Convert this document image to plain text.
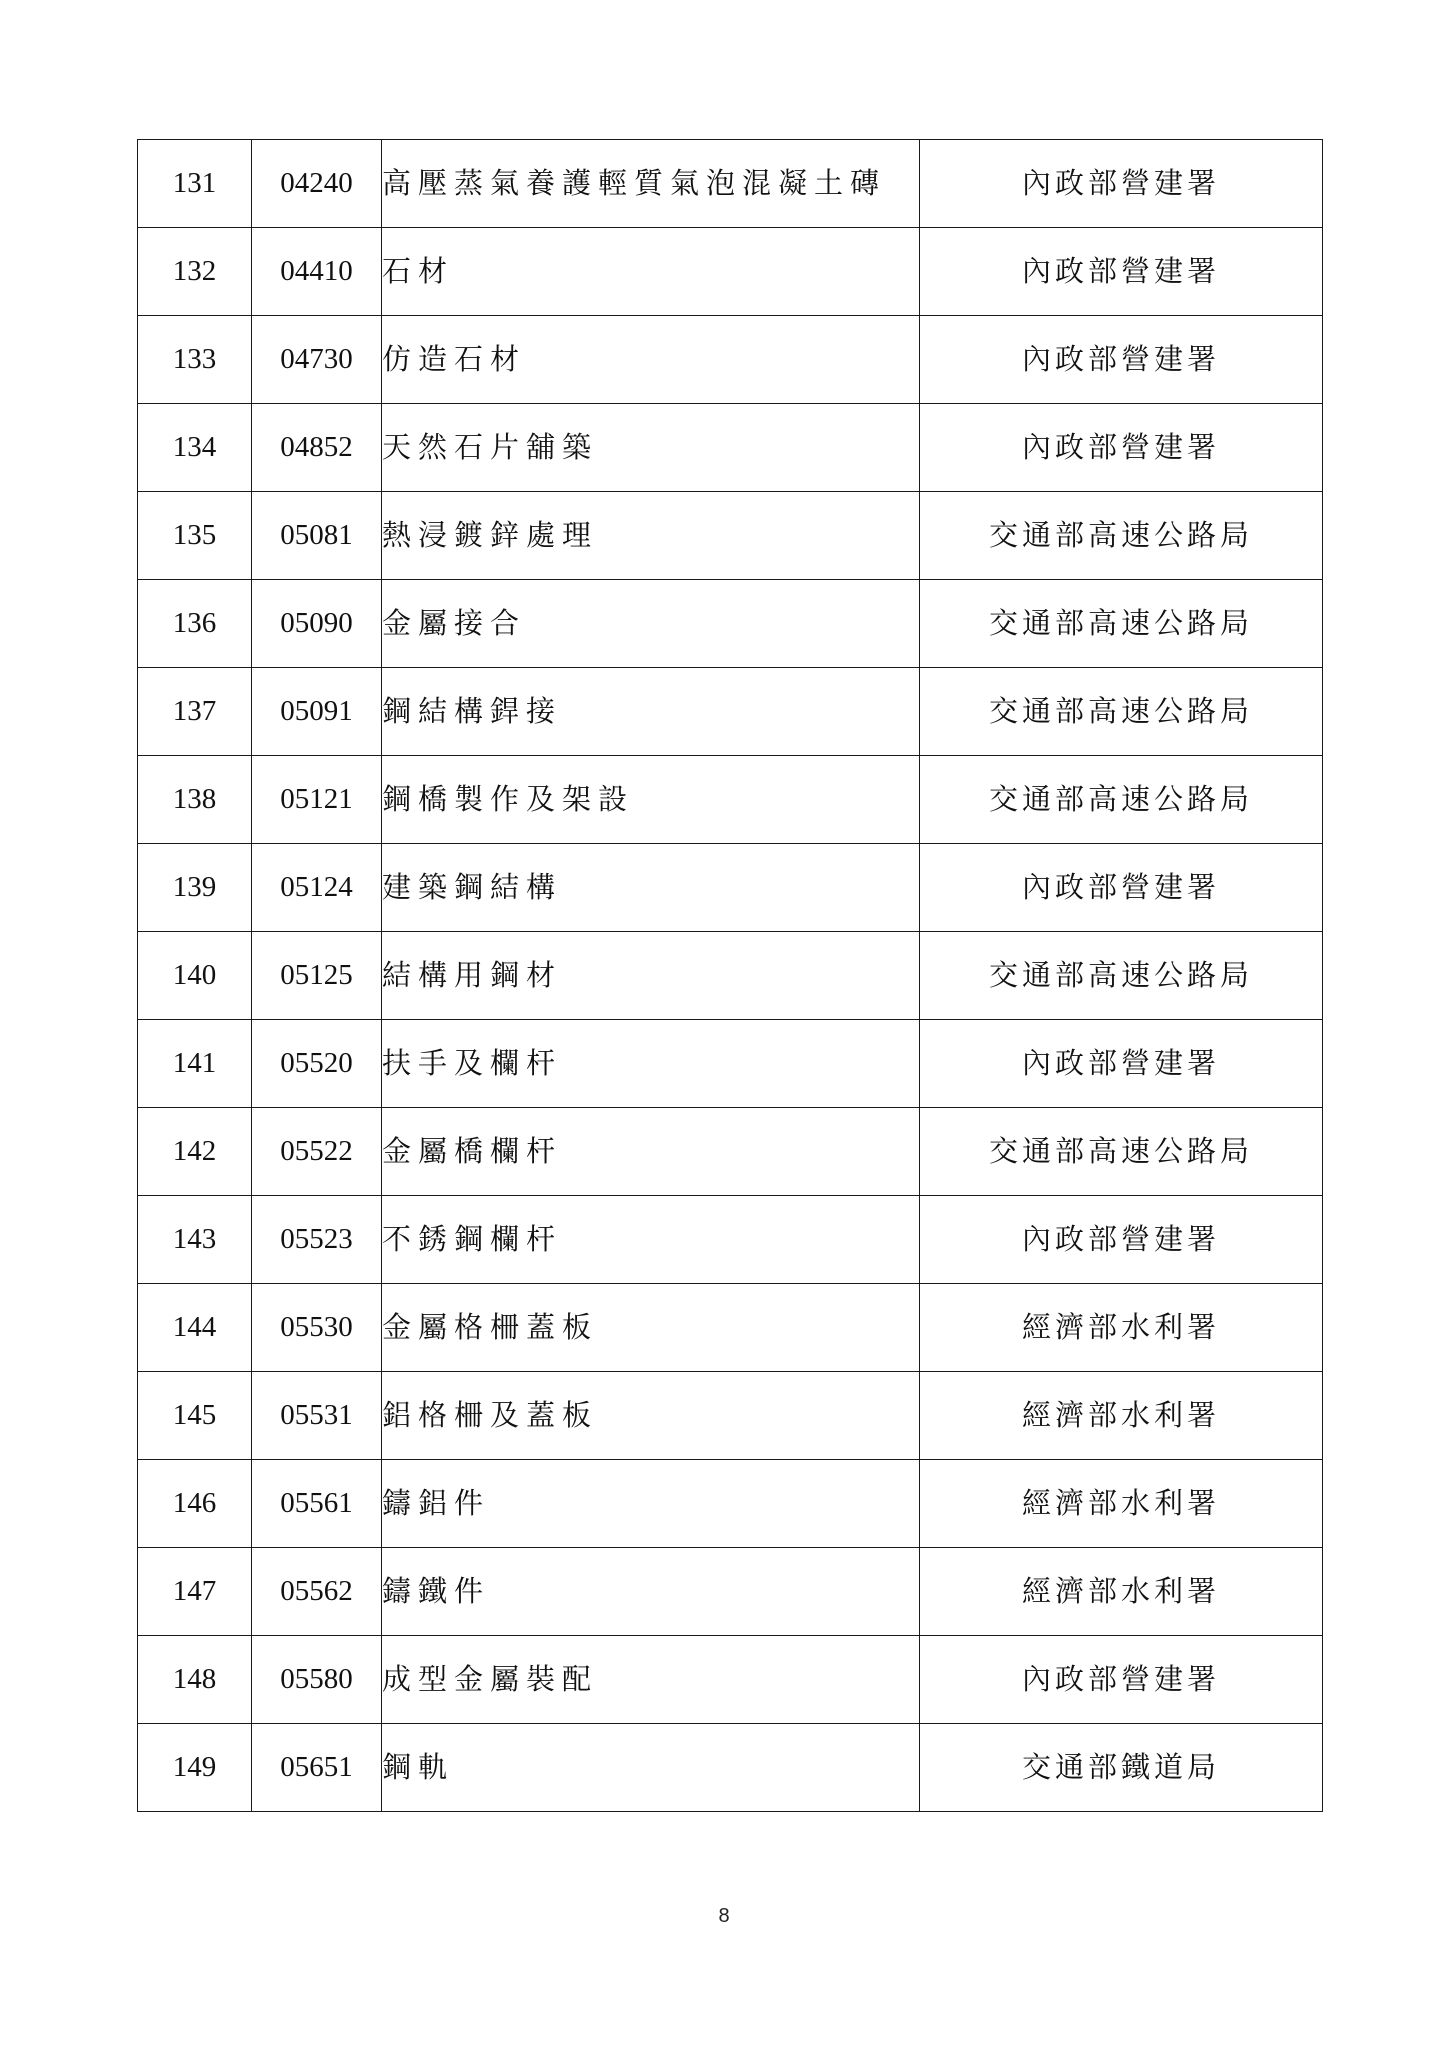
131	04240	高壓蒸氣養護輕質氣泡混凝土磚	內政部營建署
132	04410	石材	內政部營建署
133	04730	仿造石材	內政部營建署
134	04852	天然石片舖築	內政部營建署
135	05081	熱浸鍍鋅處理	交通部高速公路局
136	05090	金屬接合	交通部高速公路局
137	05091	鋼結構銲接	交通部高速公路局
138	05121	鋼橋製作及架設	交通部高速公路局
139	05124	建築鋼結構	內政部營建署
140	05125	結構用鋼材	交通部高速公路局
141	05520	扶手及欄杆	內政部營建署
142	05522	金屬橋欄杆	交通部高速公路局
143	05523	不銹鋼欄杆	內政部營建署
144	05530	金屬格柵蓋板	經濟部水利署
145	05531	鋁格柵及蓋板	經濟部水利署
146	05561	鑄鋁件	經濟部水利署
147	05562	鑄鐵件	經濟部水利署
148	05580	成型金屬裝配	內政部營建署
149	05651	鋼軌	交通部鐵道局
8
